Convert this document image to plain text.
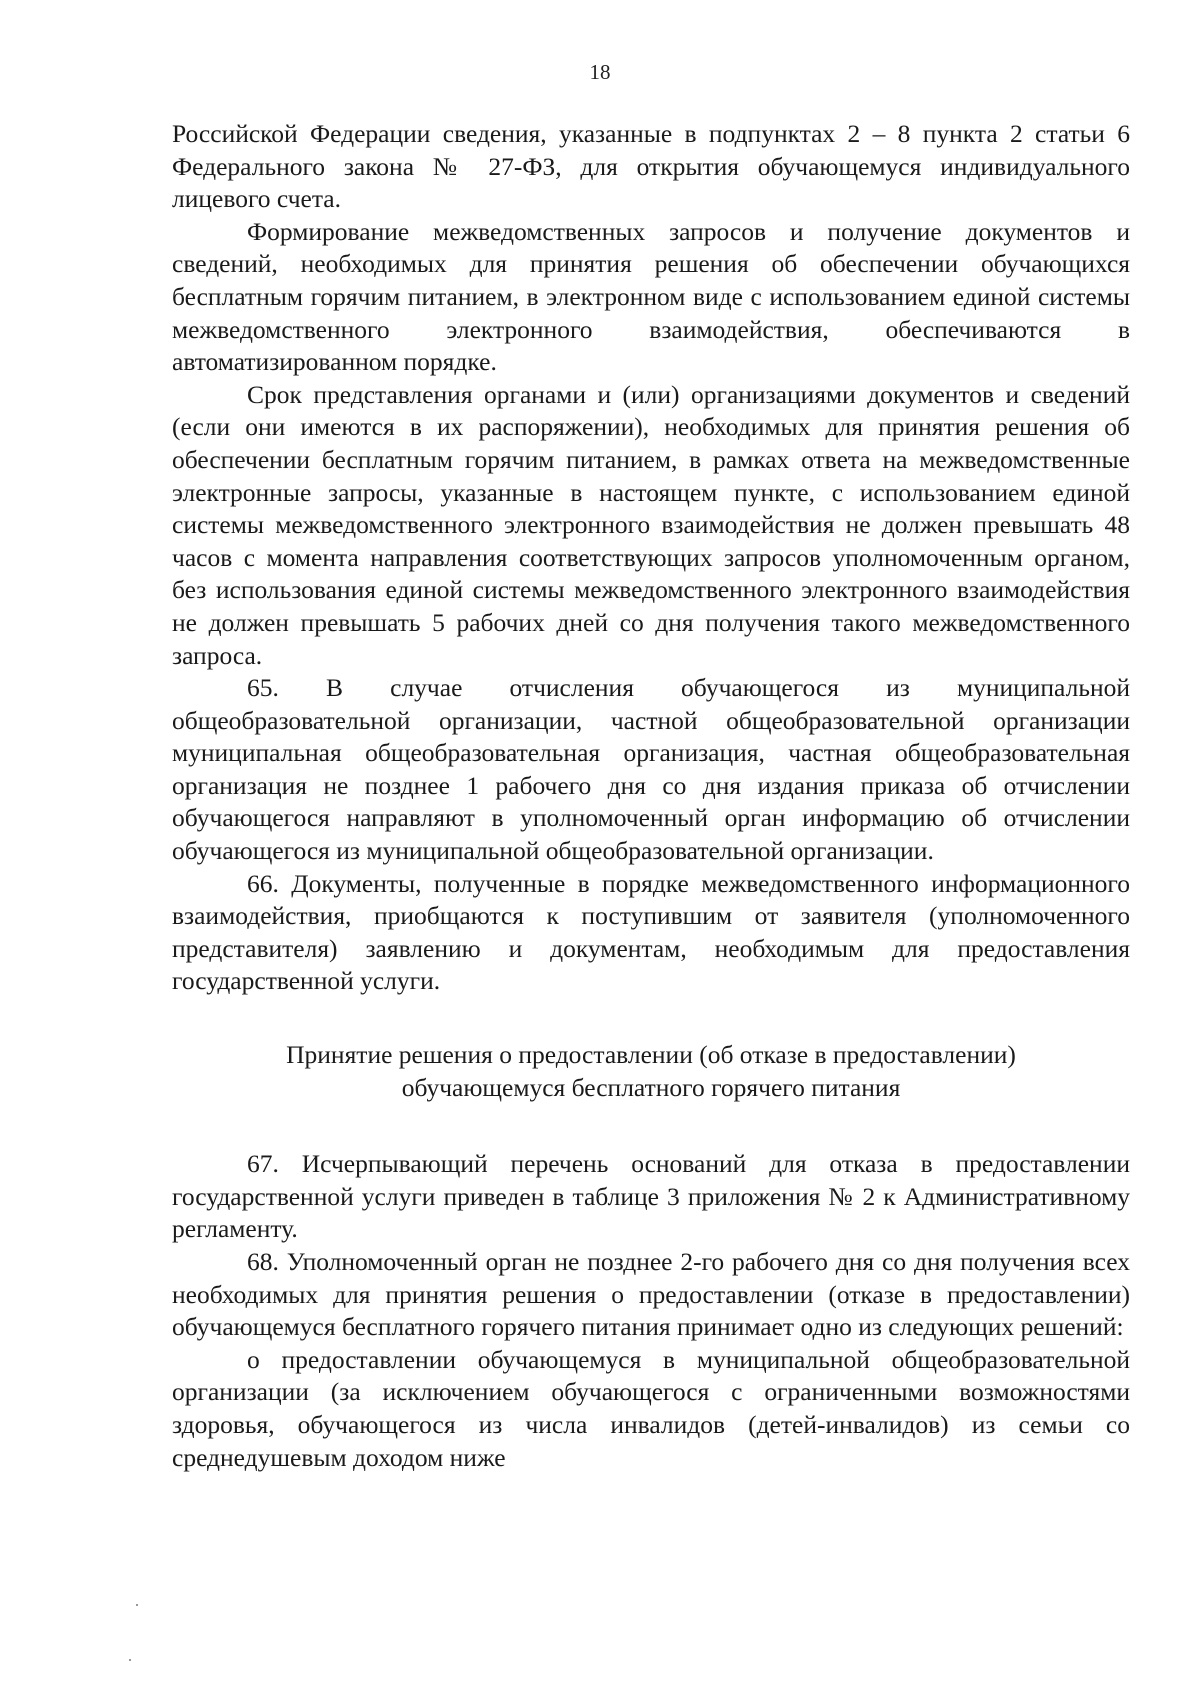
18

Российской Федерации сведения, указанные в подпунктах 2 – 8 пункта 2 статьи 6 Федерального закона № 27-ФЗ, для открытия обучающемуся индивидуального лицевого счета.

Формирование межведомственных запросов и получение документов и сведений, необходимых для принятия решения об обеспечении обучающихся бесплатным горячим питанием, в электронном виде с использованием единой системы межведомственного электронного взаимодействия, обеспечиваются в автоматизированном порядке.

Срок представления органами и (или) организациями документов и сведений (если они имеются в их распоряжении), необходимых для принятия решения об обеспечении бесплатным горячим питанием, в рамках ответа на межведомственные электронные запросы, указанные в настоящем пункте, с использованием единой системы межведомственного электронного взаимодействия не должен превышать 48 часов с момента направления соответствующих запросов уполномоченным органом, без использования единой системы межведомственного электронного взаимодействия не должен превышать 5 рабочих дней со дня получения такого межведомственного запроса.

65. В случае отчисления обучающегося из муниципальной общеобразовательной организации, частной общеобразовательной организации муниципальная общеобразовательная организация, частная общеобразовательная организация не позднее 1 рабочего дня со дня издания приказа об отчислении обучающегося направляют в уполномоченный орган информацию об отчислении обучающегося из муниципальной общеобразовательной организации.

66. Документы, полученные в порядке межведомственного информационного взаимодействия, приобщаются к поступившим от заявителя (уполномоченного представителя) заявлению и документам, необходимым для предоставления государственной услуги.

Принятие решения о предоставлении (об отказе в предоставлении)
обучающемуся бесплатного горячего питания

67. Исчерпывающий перечень оснований для отказа в предоставлении государственной услуги приведен в таблице 3 приложения № 2 к Административному регламенту.

68. Уполномоченный орган не позднее 2-го рабочего дня со дня получения всех необходимых для принятия решения о предоставлении (отказе в предоставлении) обучающемуся бесплатного горячего питания принимает одно из следующих решений:

о предоставлении обучающемуся в муниципальной общеобразовательной организации (за исключением обучающегося с ограниченными возможностями здоровья, обучающегося из числа инвалидов (детей-инвалидов) из семьи со среднедушевым доходом ниже
